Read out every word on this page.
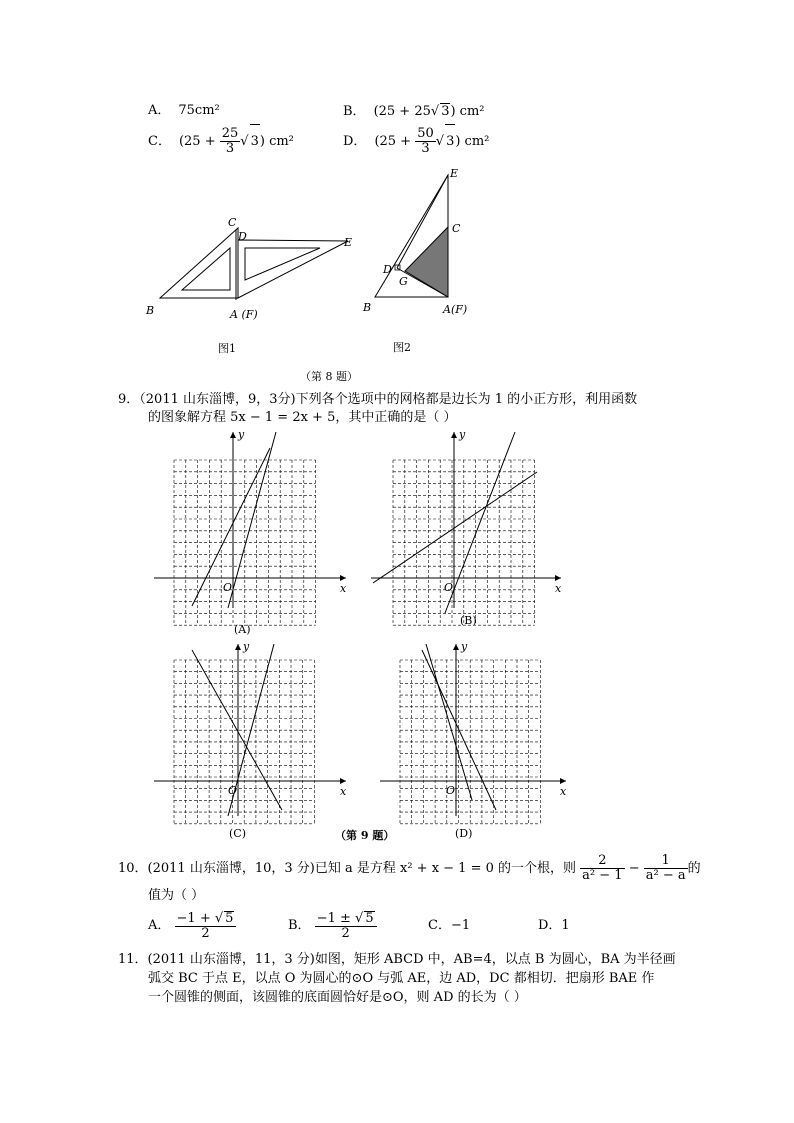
A． 75cm²	B． (25 + 25 √ 3) cm²
C． ($25 + \frac{25}{3}$ √ 3) cm²	D． ($25 + \frac{50}{3}$ √ 3) cm²
C
D	E
B	A (F)
图1
E
C
D
G
B	A(F)
图2
（第 8 题）
9．（2011 山东淄博，9，3分)下列各个选项中的网格都是边长为 1 的小正方形，利用函数
的图象解方程 5x − 1 = 2x + 5，其中正确的是（ ）
y
x
O
y
x
O
y
x
O
y
x
O
(A)
(B)
(C)	(D)
（第 9 题）
10．(2011 山东淄博，10，3 分)已知 a 是方程 x² + x − 1 = 0 的一个根，则 $\frac{2}{\text{a² − 1}} - \frac{1}{\text{a² − a}}$ 的
值为（ ）
A． $\frac{-1 + √ 5}{2}$	B． $\frac{-1 \pm √ 5}{2}$	C．−1	D．1
11．(2011 山东淄博，11，3 分)如图，矩形 ABCD 中，AB=4，以点 B 为圆心，BA 为半径画
弧交 BC 于点 E，以点 O 为圆心的⊙O 与弧 AE，边 AD，DC 都相切．把扇形 BAE 作
一个圆锥的侧面，该圆锥的底面圆恰好是⊙O，则 AD 的长为（ ）
